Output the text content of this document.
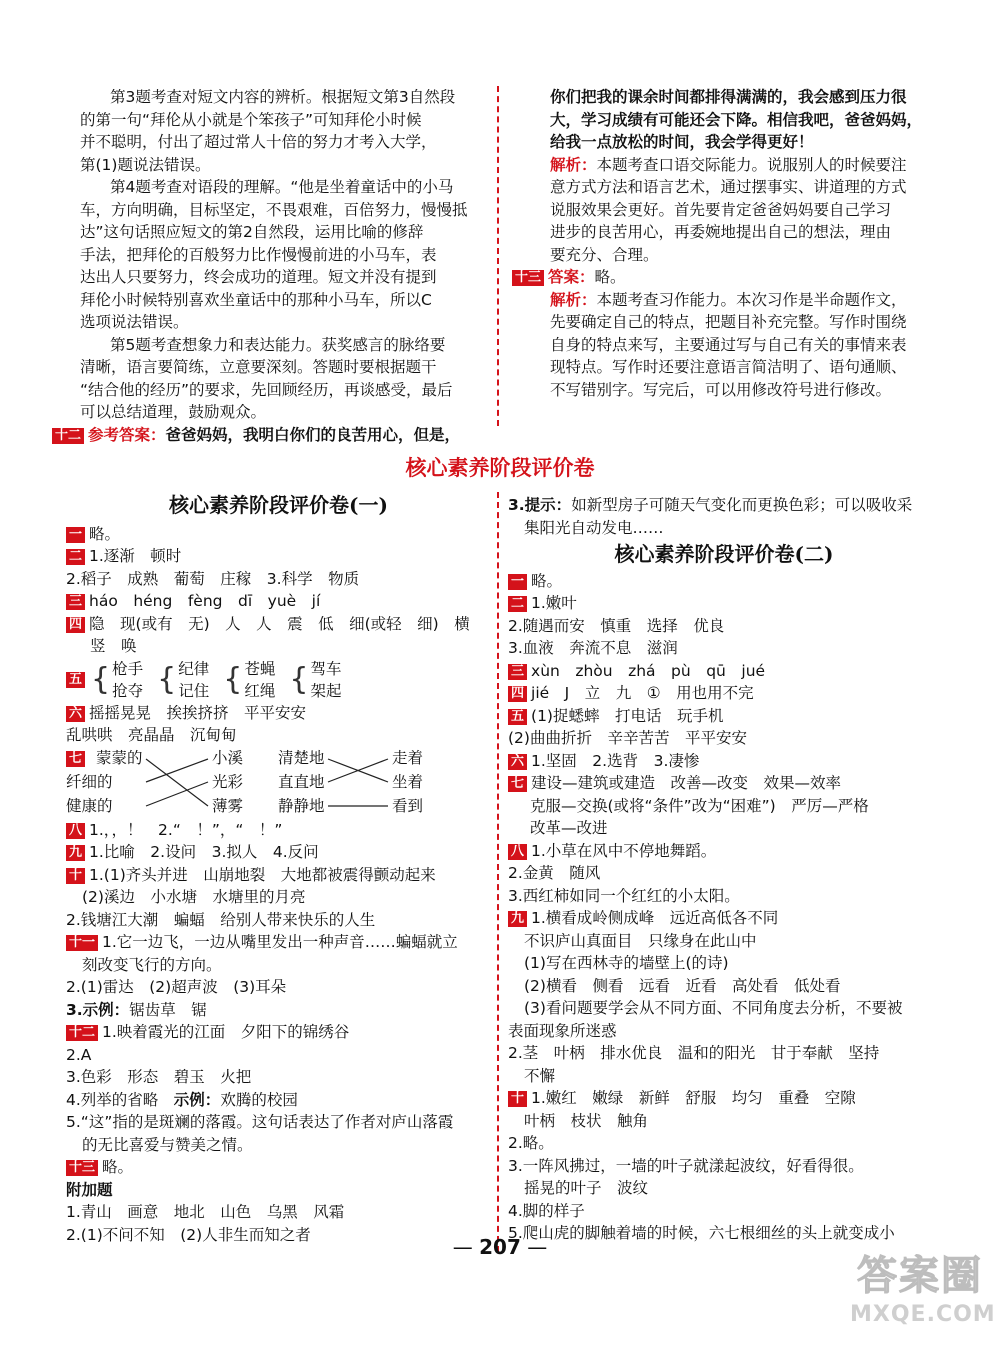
第3题考查对短文内容的辨析。根据短文第3自然段

的第一句“拜伦从小就是个笨孩子”可知拜伦小时候

并不聪明，付出了超过常人十倍的努力才考入大学，

第(1)题说法错误。

第4题考查对语段的理解。“他是坐着童话中的小马

车，方向明确，目标坚定，不畏艰难，百倍努力，慢慢抵

达”这句话照应短文的第2自然段，运用比喻的修辞

手法，把拜伦的百般努力比作慢慢前进的小马车，表

达出人只要努力，终会成功的道理。短文并没有提到

拜伦小时候特别喜欢坐童话中的那种小马车，所以C

选项说法错误。

第5题考查想象力和表达能力。获奖感言的脉络要

清晰，语言要简练，立意要深刻。答题时要根据题干

“结合他的经历”的要求，先回顾经历，再谈感受，最后

可以总结道理，鼓励观众。

十二 参考答案：爸爸妈妈，我明白你们的良苦用心，但是，

你们把我的课余时间都排得满满的，我会感到压力很

大，学习成绩有可能还会下降。相信我吧，爸爸妈妈，

给我一点放松的时间，我会学得更好！

解析：本题考查口语交际能力。说服别人的时候要注

意方式方法和语言艺术，通过摆事实、讲道理的方式

说服效果会更好。首先要肯定爸爸妈妈要自己学习

进步的良苦用心，再委婉地提出自己的想法，理由

要充分、合理。

十三 答案：略。

解析：本题考查习作能力。本次习作是半命题作文，

先要确定自己的特点，把题目补充完整。写作时围绕

自身的特点来写，主要通过写与自己有关的事情来表

现特点。写作时还要注意语言简洁明了、语句通顺、

不写错别字。写完后，可以用修改符号进行修改。

核心素养阶段评价卷

核心素养阶段评价卷(一)

一 略。

二 1.逐渐　顿时

2.稻子　成熟　葡萄　庄稼　3.科学　物质

三 háo　héng　fèng　dī　yuè　jí

四 隐　现(或有　无)　人　人　震　低　细(或轻　细)　横

竖　唤

五 { 枪手
抢夺 { 纪律
记住 { 苍蝇
红绳 { 驾车
架起

六 摇摇晃晃　挨挨挤挤　平平安安

乱哄哄　亮晶晶　沉甸甸

七 蒙蒙的
纤细的
健康的
小溪
光彩
薄雾
清楚地
直直地
静静地
走着
坐着
看到

八 1.，，！　2.“　！”，“　！”

九 1.比喻　2.设问　3.拟人　4.反问

十 1.(1)齐头并进　山崩地裂　大地都被震得颤动起来

(2)溪边　小水塘　水塘里的月亮

2.钱塘江大潮　蝙蝠　给别人带来快乐的人生

十一 1.它一边飞，一边从嘴里发出一种声音……蝙蝠就立

刻改变飞行的方向。

2.(1)雷达　(2)超声波　(3)耳朵

3.示例：锯齿草　锯

十二 1.映着霞光的江面　夕阳下的锦绣谷

2.A

3.色彩　形态　碧玉　火把

4.列举的省略　示例：欢腾的校园

5.“这”指的是斑斓的落霞。这句话表达了作者对庐山落霞

的无比喜爱与赞美之情。

十三 略。

附加题

1.青山　画意　地北　山色　乌黑　风霜

2.(1)不问不知　(2)人非生而知之者

3.提示：如新型房子可随天气变化而更换色彩；可以吸收采

集阳光自动发电……

核心素养阶段评价卷(二)

一 略。

二 1.嫩叶

2.随遇而安　慎重　选择　优良

3.血液　奔流不息　滋润

三 xùn　zhòu　zhá　pù　qū　jué

四 jié　J　立　九　①　用也用不完

五 (1)捉蟋蟀　打电话　玩手机

(2)曲曲折折　辛辛苦苦　平平安安

六 1.坚固　2.选背　3.凄惨

七 建设—建筑或建造　改善—改变　效果—效率

克服—交换(或将“条件”改为“困难”)　严厉—严格

改革—改进

八 1.小草在风中不停地舞蹈。

2.金黄　随风

3.西红柿如同一个红红的小太阳。

九 1.横看成岭侧成峰　远近高低各不同

不识庐山真面目　只缘身在此山中

(1)写在西林寺的墙壁上(的诗)

(2)横看　侧看　远看　近看　高处看　低处看

(3)看问题要学会从不同方面、不同角度去分析，不要被

表面现象所迷惑

2.茎　叶柄　排水优良　温和的阳光　甘于奉献　坚持

不懈

十 1.嫩红　嫩绿　新鲜　舒服　均匀　重叠　空隙

叶柄　枝状　触角

2.略。

3.一阵风拂过，一墙的叶子就漾起波纹，好看得很。

摇晃的叶子　波纹

4.脚的样子

5.爬山虎的脚触着墙的时候，六七根细丝的头上就变成小

— 207 —
答案圈
MXQE.COM
